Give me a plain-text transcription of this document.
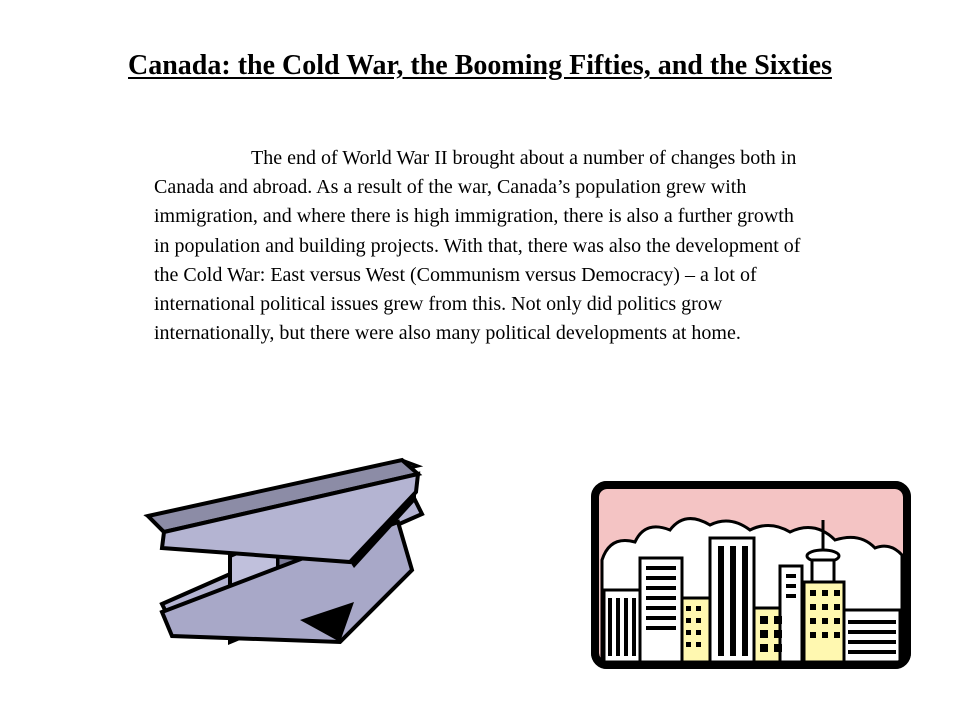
Canada: the Cold War, the Booming Fifties, and the Sixties

The end of World War II brought about a number of changes both in Canada and abroad. As a result of the war, Canada’s population grew with immigration, and where there is high immigration, there is also a further growth in population and building projects. With that, there was also the development of the Cold War: East versus West (Communism versus Democracy) – a lot of international political issues grew from this. Not only did politics grow internationally, but there were also many political developments at home.
